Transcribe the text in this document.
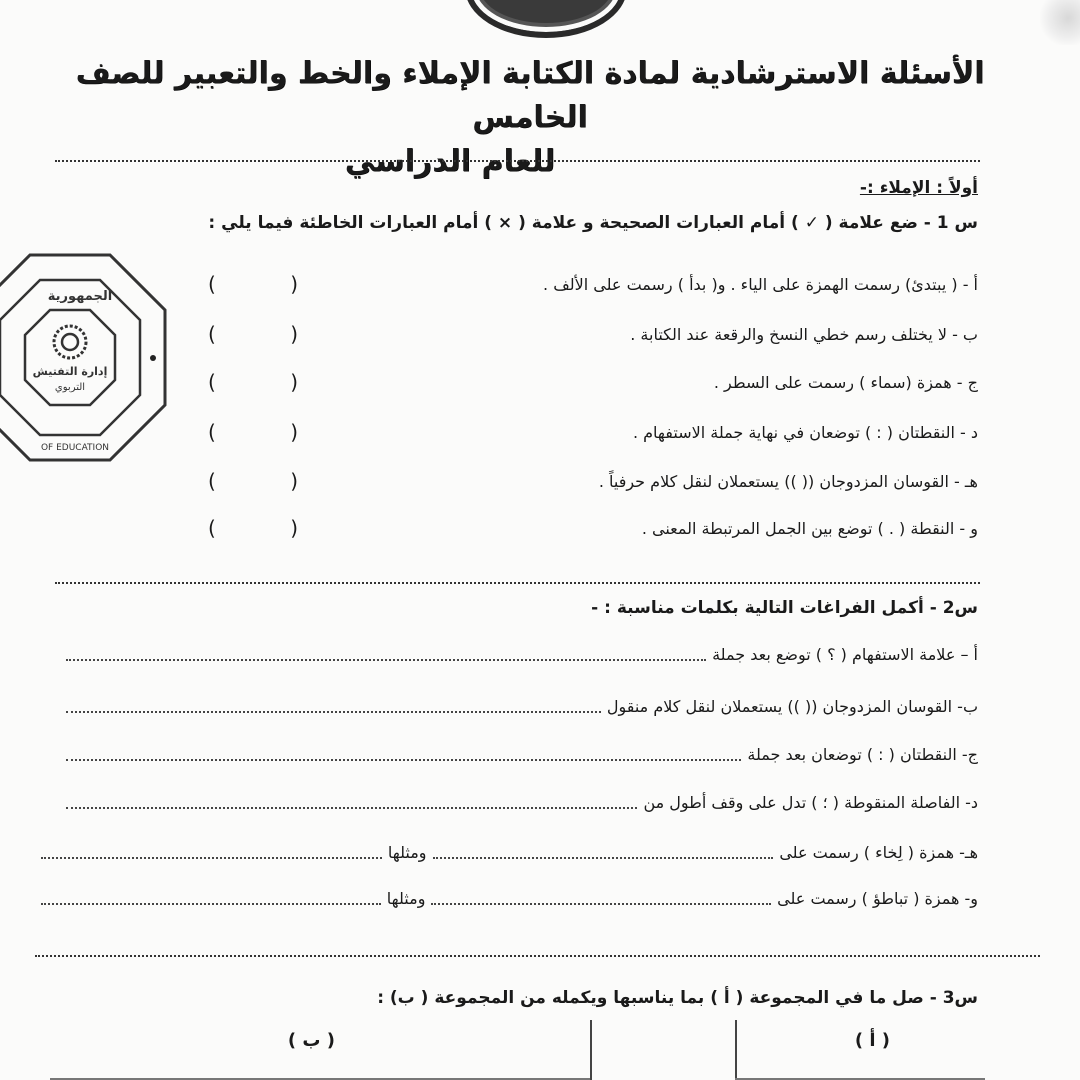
الأسئلة الاسترشادية لمادة الكتابة الإملاء والخط والتعبير للصف الخامس

للعام الدراسي
أولاً : الإملاء :-
س 1 - ضع علامة ( ✓ ) أمام العبارات الصحيحة و علامة ( × ) أمام العبارات الخاطئة فيما يلي :
أ - ( يبتدئ) رسمت الهمزة على الياء . و( بدأ ) رسمت على الألف .
(	)
ب - لا يختلف رسم خطي النسخ والرقعة عند الكتابة .
(	)
ج - همزة (سماء ) رسمت على السطر .
(	)
د - النقطتان ( : ) توضعان في نهاية جملة الاستفهام .
(	)
هـ - القوسان المزدوجان (( )) يستعملان لنقل كلام حرفياً .
(	)
و - النقطة ( . ) توضع بين الجمل المرتبطة المعنى .
(	)
إدارة التفتيش
التربوي
الجمهورية
OF EDUCATION
س2 - أكمل الفراغات التالية بكلمات مناسبة : -
أ – علامة الاستفهام ( ؟ ) توضع بعد جملة
ب- القوسان المزدوجان (( )) يستعملان لنقل كلام منقول
ج- النقطتان ( : ) توضعان بعد جملة
د- الفاصلة المنقوطة ( ؛ ) تدل على وقف أطول من
هـ- همزة ( لِخاء ) رسمت على
ومثلها
و- همزة ( تباطؤ ) رسمت على
ومثلها
س3 - صل ما في المجموعة ( أ ) بما يناسبها ويكمله من المجموعة ( ب) :
( أ )
( ب )
